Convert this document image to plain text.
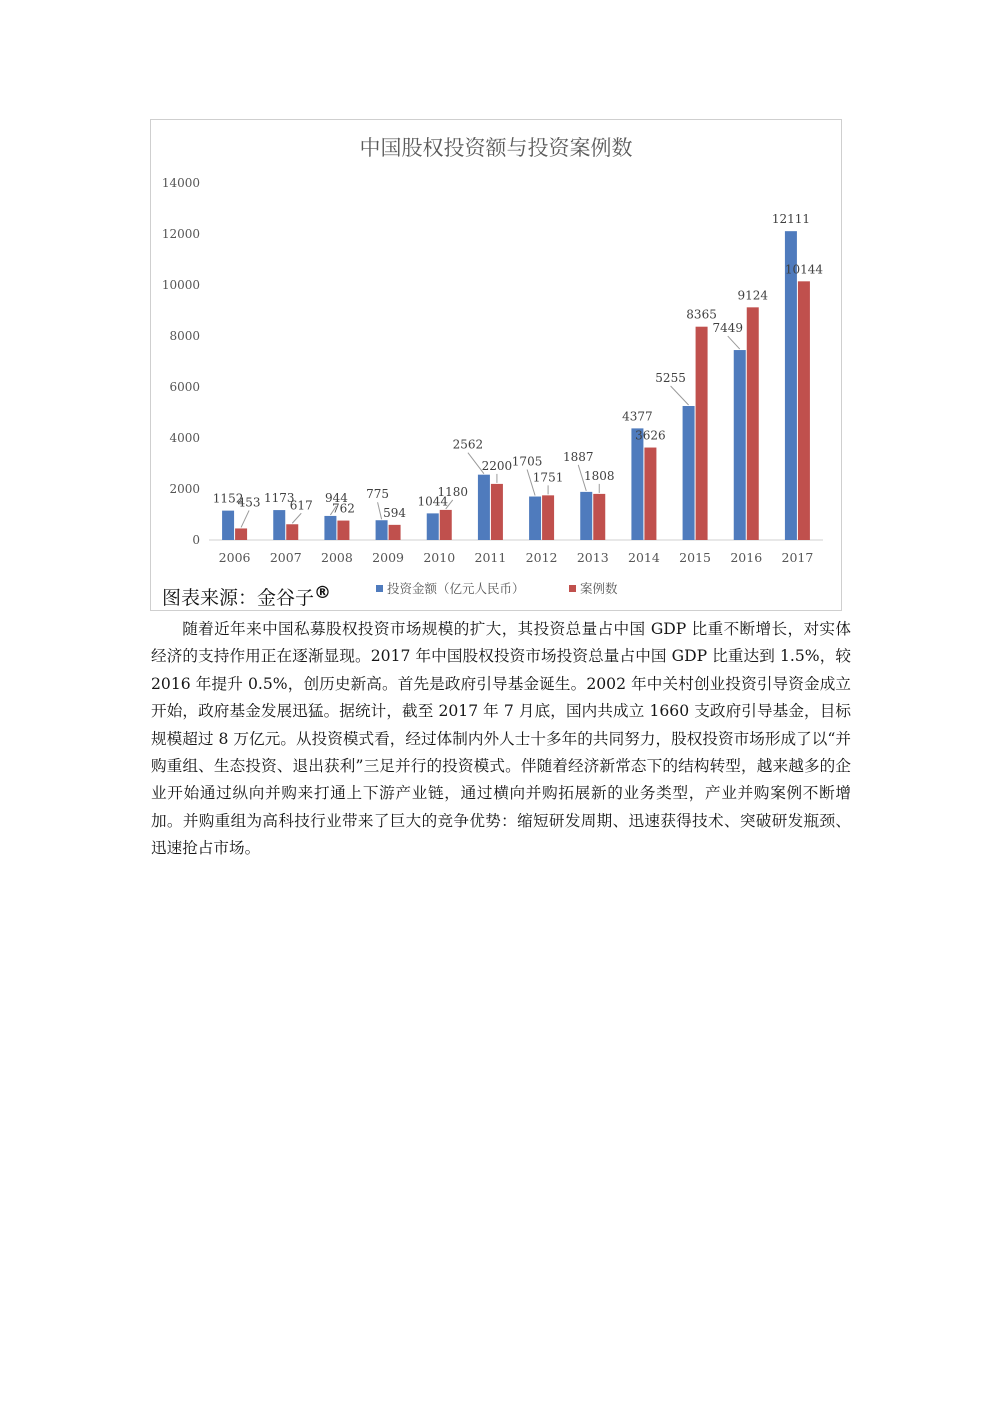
中国股权投资额与投资案例数
0
2000
4000
6000
8000
10000
12000
14000
1152
453
2006
1173
617
2007
944
762
2008
775
594
2009
1044
1180
2010
2562
2200
2011
1705
1751
2012
1887
1808
2013
4377
3626
2014
5255
8365
2015
7449
9124
2016
12111
10144
2017
投资金额（亿元人民币）	案例数
图表来源：金谷子®

随着近年来中国私募股权投资市场规模的扩大，其投资总量占中国 GDP 比重不断增长，对实体经济的支持作用正在逐渐显现。2017 年中国股权投资市场投资总量占中国 GDP 比重达到 1.5%，较 2016 年提升 0.5%，创历史新高。首先是政府引导基金诞生。2002 年中关村创业投资引导资金成立开始，政府基金发展迅猛。据统计，截至 2017 年 7 月底，国内共成立 1660 支政府引导基金，目标规模超过 8 万亿元。从投资模式看，经过体制内外人士十多年的共同努力，股权投资市场形成了以“并购重组、生态投资、退出获利”三足并行的投资模式。伴随着经济新常态下的结构转型，越来越多的企业开始通过纵向并购来打通上下游产业链，通过横向并购拓展新的业务类型，产业并购案例不断增加。并购重组为高科技行业带来了巨大的竞争优势：缩短研发周期、迅速获得技术、突破研发瓶颈、迅速抢占市场。
